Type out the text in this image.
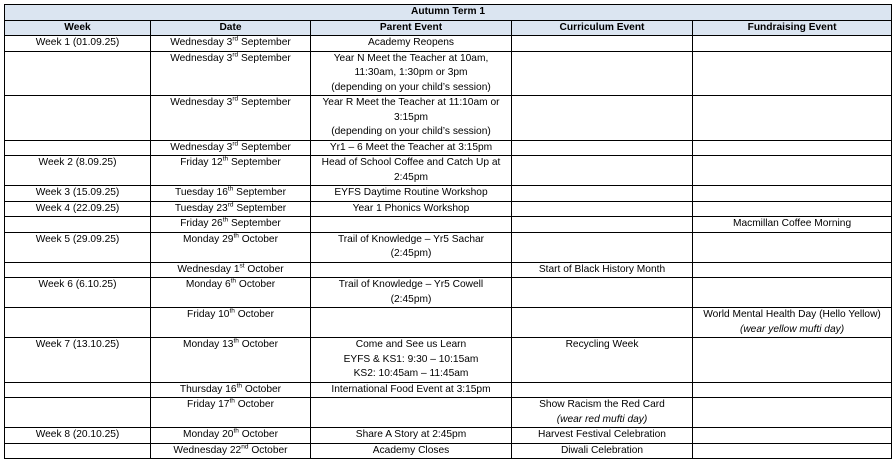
Autumn Term 1				
Week	Date	Parent Event	Curriculum Event	Fundraising Event
Week 1 (01.09.25)	Wednesday 3rd September	Academy Reopens		

	Wednesday 3rd September	Year N Meet the Teacher at 10am,
11:30am, 1:30pm or 3pm
(depending on your child’s session)		

	Wednesday 3rd September	Year R Meet the Teacher at 11:10am or
3:15pm
(depending on your child’s session)		

	Wednesday 3rd September	Yr1 – 6 Meet the Teacher at 3:15pm		

Week 2 (8.09.25)	Friday 12th September	Head of School Coffee and Catch Up at
2:45pm		

Week 3 (15.09.25)	Tuesday 16th September	EYFS Daytime Routine Workshop		

Week 4 (22.09.25)	Tuesday 23rd September	Year 1 Phonics Workshop		

	Friday 26th September			Macmillan Coffee Morning

Week 5 (29.09.25)	Monday 29th October	Trail of Knowledge – Yr5 Sachar
(2:45pm)		

	Wednesday 1st October		Start of Black History Month	

Week 6 (6.10.25)	Monday 6th October	Trail of Knowledge – Yr5 Cowell
(2:45pm)		

	Friday 10th October			World Mental Health Day (Hello Yellow)
(wear yellow mufti day)

Week 7 (13.10.25)	Monday 13th October	Come and See us Learn
EYFS & KS1: 9:30 – 10:15am
KS2: 10:45am – 11:45am	Recycling Week	

	Thursday 16th October	International Food Event at 3:15pm		

	Friday 17th October		Show Racism the Red Card
(wear red mufti day)	

Week 8 (20.10.25)	Monday 20th October	Share A Story at 2:45pm	Harvest Festival Celebration	

	Wednesday 22nd October	Academy Closes	Diwali Celebration	
